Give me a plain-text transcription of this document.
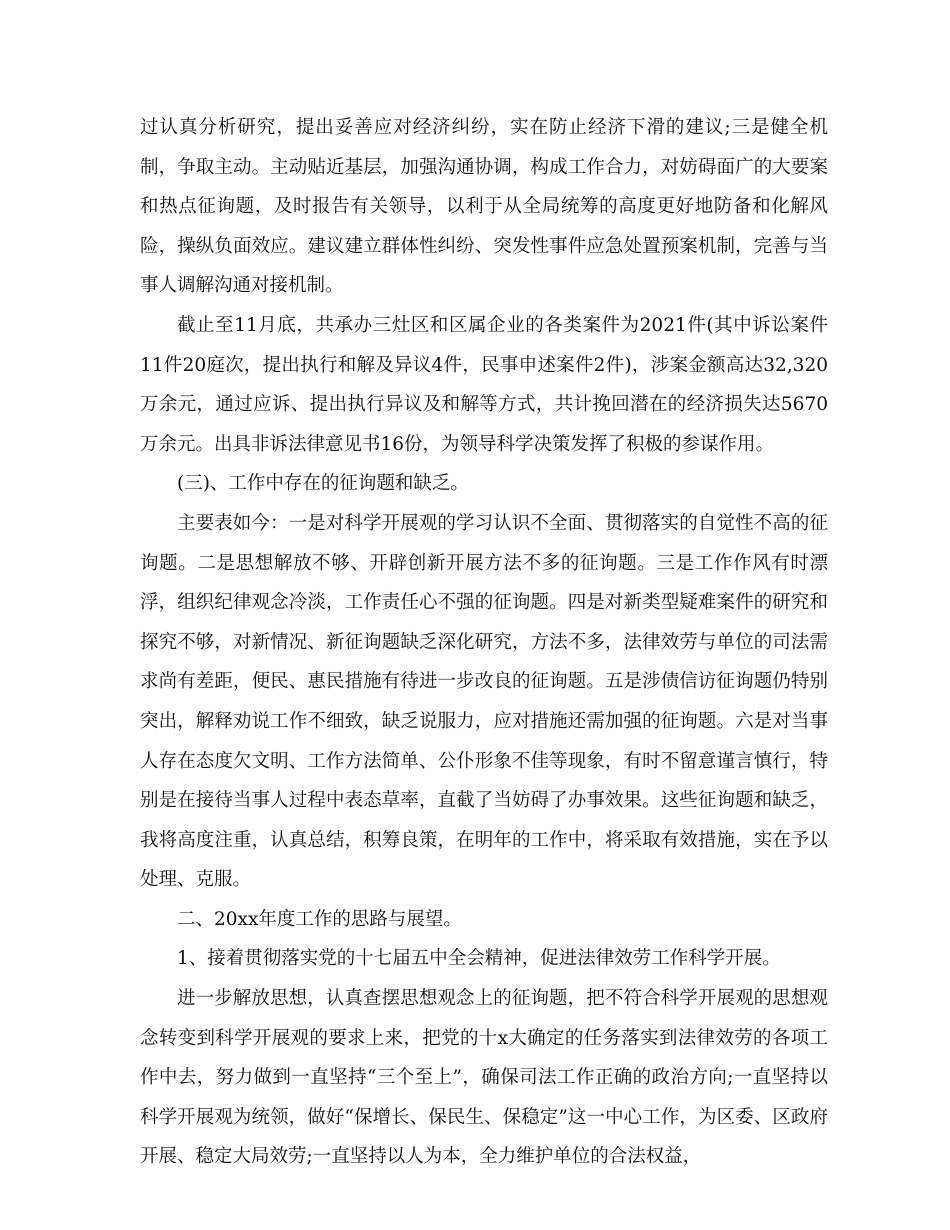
过认真分析研究，提出妥善应对经济纠纷，实在防止经济下滑的建议;三是健全机制，争取主动。主动贴近基层，加强沟通协调，构成工作合力，对妨碍面广的大要案和热点征询题，及时报告有关领导，以利于从全局统筹的高度更好地防备和化解风险，操纵负面效应。建议建立群体性纠纷、突发性事件应急处置预案机制，完善与当事人调解沟通对接机制。

截止至11月底，共承办三灶区和区属企业的各类案件为2021件(其中诉讼案件11件20庭次，提出执行和解及异议4件，民事申述案件2件)，涉案金额高达32,320万余元，通过应诉、提出执行异议及和解等方式，共计挽回潜在的经济损失达5670万余元。出具非诉法律意见书16份，为领导科学决策发挥了积极的参谋作用。

(三)、工作中存在的征询题和缺乏。

主要表如今：一是对科学开展观的学习认识不全面、贯彻落实的自觉性不高的征询题。二是思想解放不够、开辟创新开展方法不多的征询题。三是工作作风有时漂浮，组织纪律观念冷淡，工作责任心不强的征询题。四是对新类型疑难案件的研究和探究不够，对新情况、新征询题缺乏深化研究，方法不多，法律效劳与单位的司法需求尚有差距，便民、惠民措施有待进一步改良的征询题。五是涉债信访征询题仍特别突出，解释劝说工作不细致，缺乏说服力，应对措施还需加强的征询题。六是对当事人存在态度欠文明、工作方法简单、公仆形象不佳等现象，有时不留意谨言慎行，特别是在接待当事人过程中表态草率，直截了当妨碍了办事效果。这些征询题和缺乏，我将高度注重，认真总结，积筹良策，在明年的工作中，将采取有效措施，实在予以处理、克服。

二、20xx年度工作的思路与展望。

1、接着贯彻落实党的十七届五中全会精神，促进法律效劳工作科学开展。

进一步解放思想，认真查摆思想观念上的征询题，把不符合科学开展观的思想观念转变到科学开展观的要求上来，把党的十x大确定的任务落实到法律效劳的各项工作中去，努力做到一直坚持“三个至上”，确保司法工作正确的政治方向;一直坚持以科学开展观为统领，做好“保增长、保民生、保稳定”这一中心工作，为区委、区政府开展、稳定大局效劳;一直坚持以人为本，全力维护单位的合法权益，
